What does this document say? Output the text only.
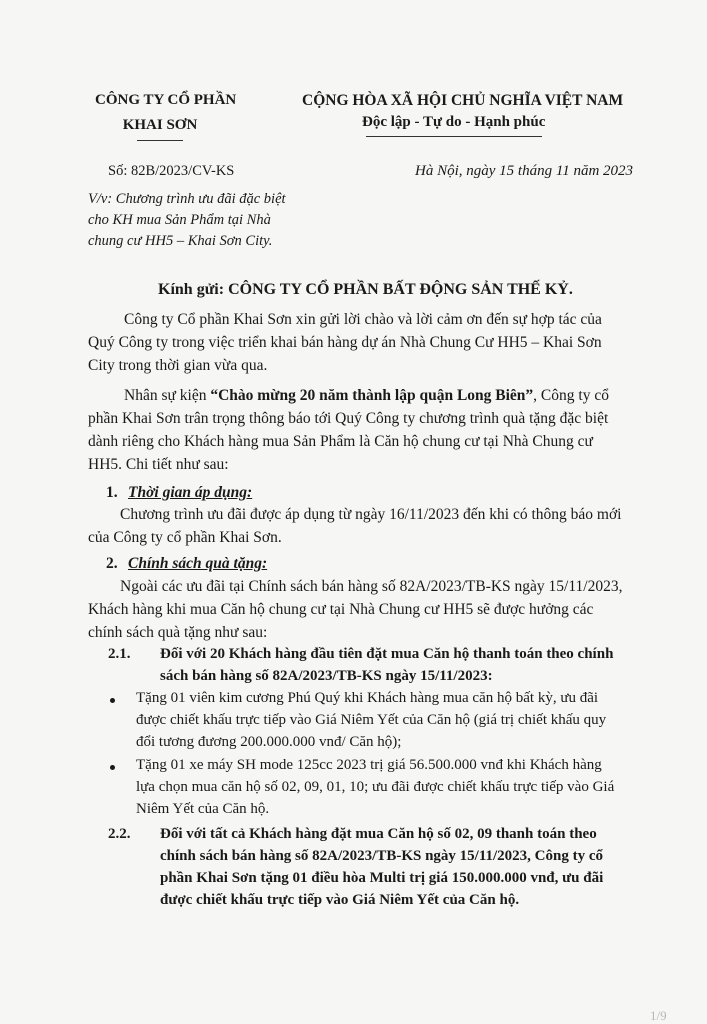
CÔNG TY CỔ PHẦN
KHAI SƠN
CỘNG HÒA XÃ HỘI CHỦ NGHĨA VIỆT NAM
Độc lập - Tự do - Hạnh phúc
Số: 82B/2023/CV-KS	Hà Nội, ngày 15 tháng 11 năm 2023
V/v: Chương trình ưu đãi đặc biệt
cho KH mua Sản Phẩm tại Nhà
chung cư HH5 – Khai Sơn City.
Kính gửi: CÔNG TY CỔ PHẦN BẤT ĐỘNG SẢN THẾ KỶ.
Công ty Cổ phần Khai Sơn xin gửi lời chào và lời cảm ơn đến sự hợp tác của
Quý Công ty trong việc triển khai bán hàng dự án Nhà Chung Cư HH5 – Khai Sơn
City trong thời gian vừa qua.
Nhân sự kiện “Chào mừng 20 năm thành lập quận Long Biên”, Công ty cổ
phần Khai Sơn trân trọng thông báo tới Quý Công ty chương trình quà tặng đặc biệt
dành riêng cho Khách hàng mua Sản Phẩm là Căn hộ chung cư tại Nhà Chung cư
HH5. Chi tiết như sau:
1. Thời gian áp dụng:
Chương trình ưu đãi được áp dụng từ ngày 16/11/2023 đến khi có thông báo mới
của Công ty cổ phần Khai Sơn.
2. Chính sách quà tặng:
Ngoài các ưu đãi tại Chính sách bán hàng số 82A/2023/TB-KS ngày 15/11/2023,
Khách hàng khi mua Căn hộ chung cư tại Nhà Chung cư HH5 sẽ được hưởng các
chính sách quà tặng như sau:
2.1. Đối với 20 Khách hàng đầu tiên đặt mua Căn hộ thanh toán theo chính
sách bán hàng số 82A/2023/TB-KS ngày 15/11/2023:
Tặng 01 viên kim cương Phú Quý khi Khách hàng mua căn hộ bất kỳ, ưu đãi
được chiết khấu trực tiếp vào Giá Niêm Yết của Căn hộ (giá trị chiết khấu quy
đổi tương đương 200.000.000 vnđ/ Căn hộ);
Tặng 01 xe máy SH mode 125cc 2023 trị giá 56.500.000 vnđ khi Khách hàng
lựa chọn mua căn hộ số 02, 09, 01, 10; ưu đãi được chiết khấu trực tiếp vào Giá
Niêm Yết của Căn hộ.
2.2. Đối với tất cả Khách hàng đặt mua Căn hộ số 02, 09 thanh toán theo
chính sách bán hàng số 82A/2023/TB-KS ngày 15/11/2023, Công ty cổ
phần Khai Sơn tặng 01 điều hòa Multi trị giá 150.000.000 vnđ, ưu đãi
được chiết khấu trực tiếp vào Giá Niêm Yết của Căn hộ.
1/9
